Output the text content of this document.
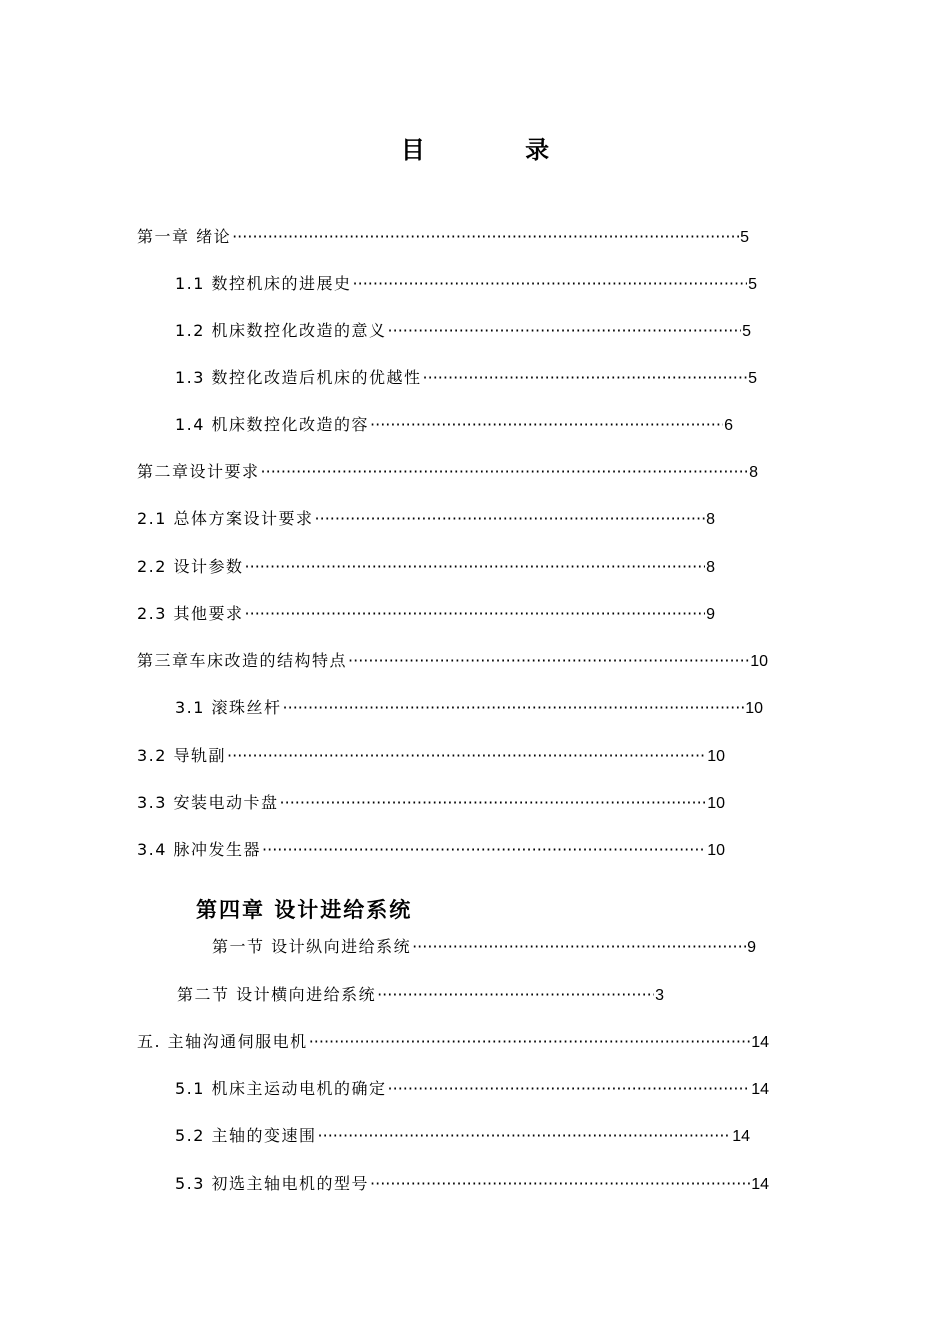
目 录
第一章 绪论 ·····	5
1.1 数控机床的进展史 ·····	5
1.2 机床数控化改造的意义 ·····	5
1.3 数控化改造后机床的优越性 ·····	5
1.4 机床数控化改造的容 ·····	6
第二章设计要求 ·····	8
2.1 总体方案设计要求 ·····	8
2.2 设计参数 ·····	8
2.3 其他要求 ·····	9
第三章车床改造的结构特点 ·····	10
3.1 滚珠丝杆 ·····	10
3.2 导轨副 ·····	10
3.3 安装电动卡盘 ·····	10
3.4 脉冲发生器 ·····	10
第四章 设计进给系统
第一节 设计纵向进给系统 ·····	9
第二节 设计横向进给系统 ·····	3
五. 主轴沟通伺服电机 ·····	14
5.1 机床主运动电机的确定 ·····	14
5.2 主轴的变速围 ·····	14
5.3 初选主轴电机的型号 ·····	14
